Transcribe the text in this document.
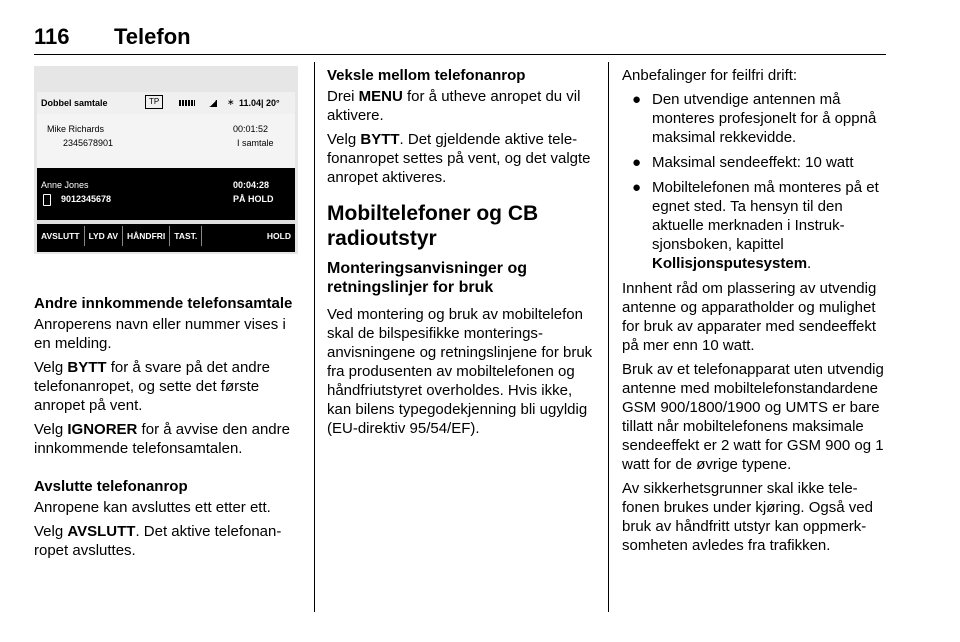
116 Telefon
Dobbel samtale	TP	∗ 11.04| 20°
Mike Richards
2345678901
00:01:52
I samtale
Anne Jones
9012345678
00:04:28
PÅ HOLD
AVSLUTT	LYD AV	HÅNDFRI	TAST.	HOLD

Andre innkommende telefonsamtale

Anroperens navn eller nummer vises i en melding.

Velg BYTT for å svare på det andre telefonanropet, og sette det første anropet på vent.

Velg IGNORER for å avvise den andre innkommende telefonsamtalen.

Avslutte telefonanrop

Anropene kan avsluttes ett etter ett.

Velg AVSLUTT. Det aktive telefonanropet avsluttes.

Veksle mellom telefonanrop

Drei MENU for å utheve anropet du vil aktivere.

Velg BYTT. Det gjeldende aktive telefonanropet settes på vent, og det valgte anropet aktiveres.

Mobiltelefoner og CB radioutstyr
Monteringsanvisninger og retningslinjer for bruk

Ved montering og bruk av mobiltelefon skal de bilspesifikke monteringsanvisningene og retningslinjene for bruk fra produsenten av mobiltelefonen og håndfriutstyret overholdes. Hvis ikke, kan bilens typegodekjenning bli ugyldig (EU-direktiv 95/54/EF).

Anbefalinger for feilfri drift:

● Den utvendige antennen må monteres profesjonelt for å oppnå maksimal rekkevidde.
● Maksimal sendeeffekt: 10 watt
● Mobiltelefonen må monteres på et egnet sted. Ta hensyn til den aktuelle merknaden i Instruksjonsboken, kapittel
Kollisjonsputesystem.

Innhent råd om plassering av utvendig antenne og apparatholder og mulighet for bruk av apparater med sendeeffekt på mer enn 10 watt.

Bruk av et telefonapparat uten utvendig antenne med mobiltelefonstandardene GSM 900/1800/1900 og UMTS er bare tillatt når mobiltelefonens maksimale sendeeffekt er 2 watt for GSM 900 og 1 watt for de øvrige typene.

Av sikkerhetsgrunner skal ikke telefonen brukes under kjøring. Også ved bruk av håndfritt utstyr kan oppmerksomheten avledes fra trafikken.
